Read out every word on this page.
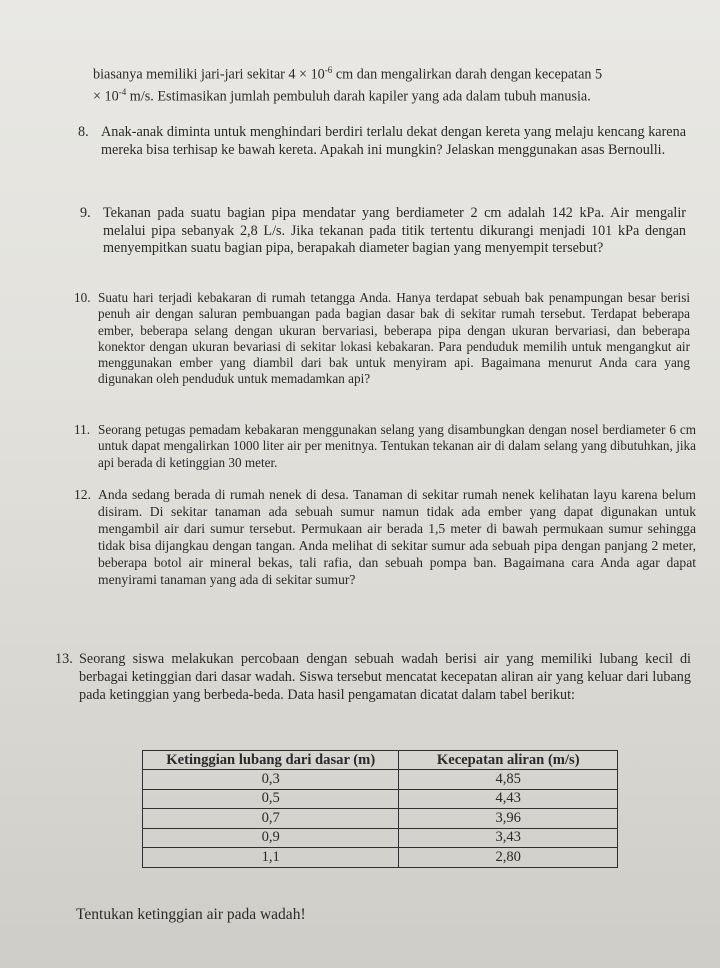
biasanya memiliki jari-jari sekitar $4 \times 10^{-6}$ cm dan mengalirkan darah dengan kecepatan 5
× $10^{-4}$ m/s. Estimasikan jumlah pembuluh darah kapiler yang ada dalam tubuh manusia.
8. Anak-anak diminta untuk menghindari berdiri terlalu dekat dengan kereta yang melaju kencang karena mereka bisa terhisap ke bawah kereta. Apakah ini mungkin? Jelaskan menggunakan asas Bernoulli.
9. Tekanan pada suatu bagian pipa mendatar yang berdiameter 2 cm adalah 142 kPa. Air mengalir melalui pipa sebanyak 2,8 L/s. Jika tekanan pada titik tertentu dikurangi menjadi 101 kPa dengan menyempitkan suatu bagian pipa, berapakah diameter bagian yang menyempit tersebut?
10. Suatu hari terjadi kebakaran di rumah tetangga Anda. Hanya terdapat sebuah bak penampungan besar berisi penuh air dengan saluran pembuangan pada bagian dasar bak di sekitar rumah tersebut. Terdapat beberapa ember, beberapa selang dengan ukuran bervariasi, beberapa pipa dengan ukuran bervariasi, dan beberapa konektor dengan ukuran bevariasi di sekitar lokasi kebakaran. Para penduduk memilih untuk mengangkut air menggunakan ember yang diambil dari bak untuk menyiram api. Bagaimana menurut Anda cara yang digunakan oleh penduduk untuk memadamkan api?
11. Seorang petugas pemadam kebakaran menggunakan selang yang disambungkan dengan nosel berdiameter 6 cm untuk dapat mengalirkan 1000 liter air per menitnya. Tentukan tekanan air di dalam selang yang dibutuhkan, jika api berada di ketinggian 30 meter.
12. Anda sedang berada di rumah nenek di desa. Tanaman di sekitar rumah nenek kelihatan layu karena belum disiram. Di sekitar tanaman ada sebuah sumur namun tidak ada ember yang dapat digunakan untuk mengambil air dari sumur tersebut. Permukaan air berada 1,5 meter di bawah permukaan sumur sehingga tidak bisa dijangkau dengan tangan. Anda melihat di sekitar sumur ada sebuah pipa dengan panjang 2 meter, beberapa botol air mineral bekas, tali rafia, dan sebuah pompa ban. Bagaimana cara Anda agar dapat menyirami tanaman yang ada di sekitar sumur?
13. Seorang siswa melakukan percobaan dengan sebuah wadah berisi air yang memiliki lubang kecil di berbagai ketinggian dari dasar wadah. Siswa tersebut mencatat kecepatan aliran air yang keluar dari lubang pada ketinggian yang berbeda-beda. Data hasil pengamatan dicatat dalam tabel berikut:
Ketinggian lubang dari dasar (m)	Kecepatan aliran (m/s)
0,3	4,85
0,5	4,43
0,7	3,96
0,9	3,43
1,1	2,80
Tentukan ketinggian air pada wadah!
